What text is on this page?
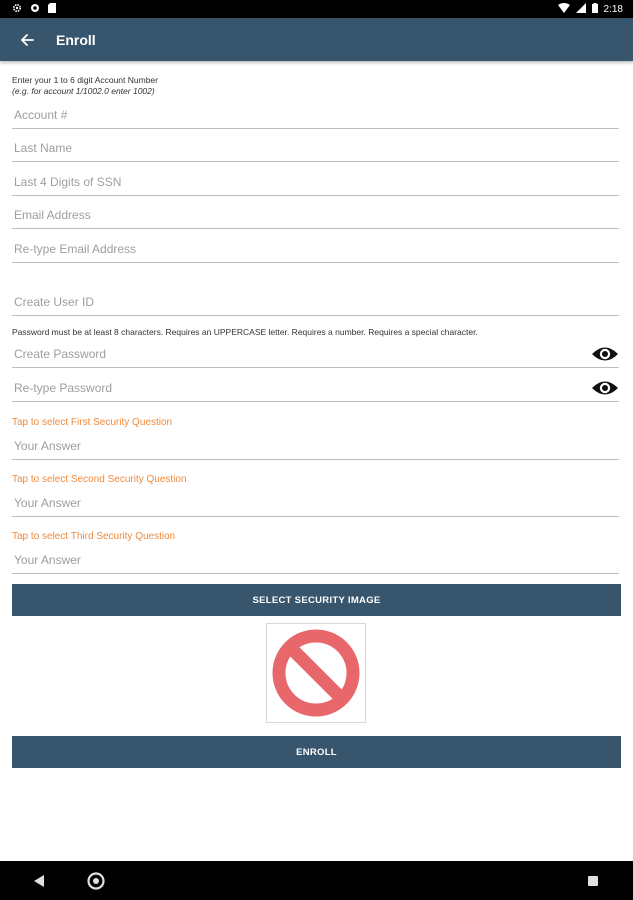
2:18
Enroll
Enter your 1 to 6 digit Account Number
(e.g. for account 1/1002.0 enter 1002)
Account #
Last Name
Last 4 Digits of SSN
Email Address
Re-type Email Address
Create User ID
Password must be at least 8 characters. Requires an UPPERCASE letter. Requires a number. Requires a special character.
Tap to select First Security Question
Your Answer
Tap to select Second Security Question
Your Answer
Tap to select Third Security Question
Your Answer
SELECT SECURITY IMAGE
ENROLL
